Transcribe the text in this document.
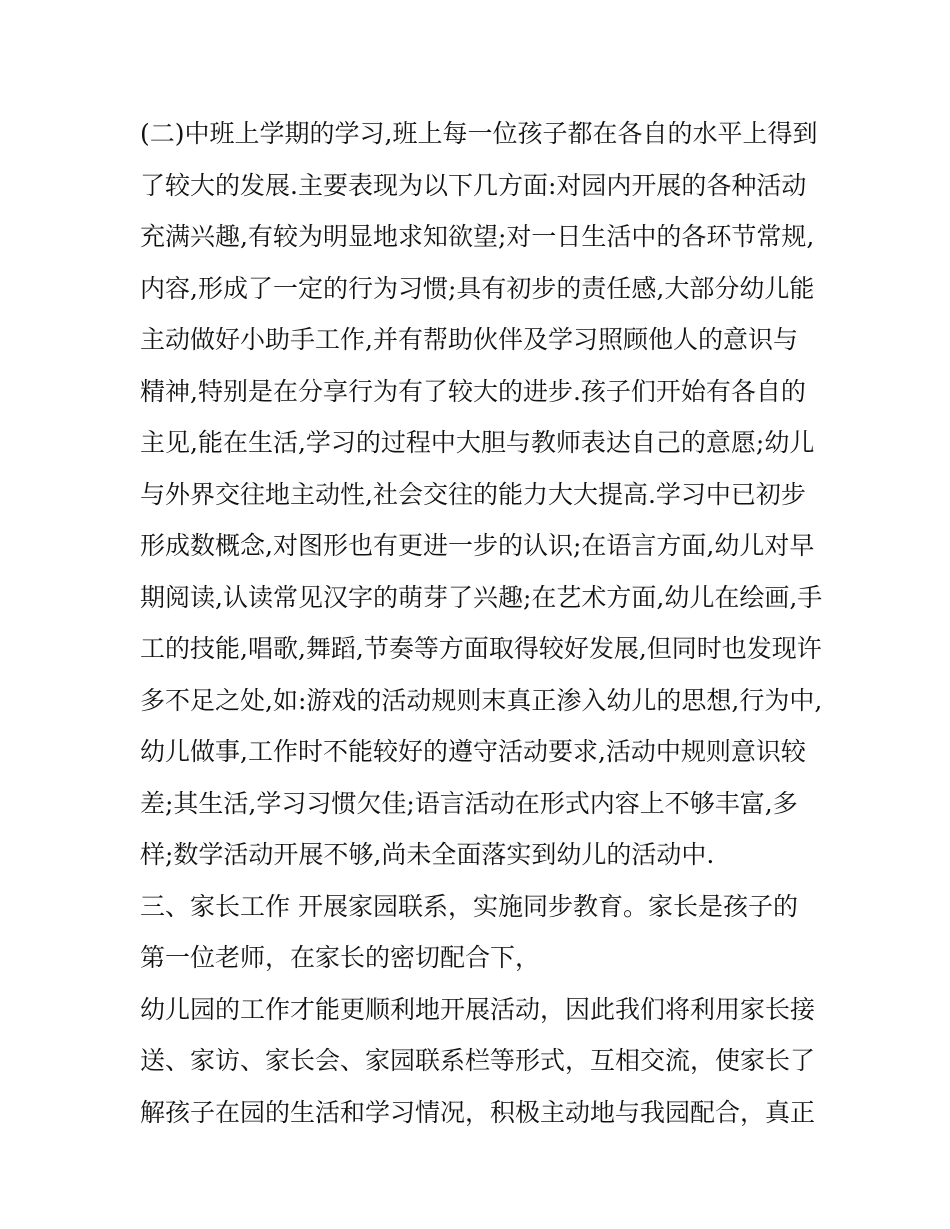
(二)中班上学期的学习,班上每一位孩子都在各自的水平上得到
了较大的发展.主要表现为以下几方面:对园内开展的各种活动
充满兴趣,有较为明显地求知欲望;对一日生活中的各环节常规,
内容,形成了一定的行为习惯;具有初步的责任感,大部分幼儿能
主动做好小助手工作,并有帮助伙伴及学习照顾他人的意识与
精神,特别是在分享行为有了较大的进步.孩子们开始有各自的
主见,能在生活,学习的过程中大胆与教师表达自己的意愿;幼儿
与外界交往地主动性,社会交往的能力大大提高.学习中已初步
形成数概念,对图形也有更进一步的认识;在语言方面,幼儿对早
期阅读,认读常见汉字的萌芽了兴趣;在艺术方面,幼儿在绘画,手
工的技能,唱歌,舞蹈,节奏等方面取得较好发展,但同时也发现许
多不足之处,如:游戏的活动规则末真正渗入幼儿的思想,行为中,
幼儿做事,工作时不能较好的遵守活动要求,活动中规则意识较
差;其生活,学习习惯欠佳;语言活动在形式内容上不够丰富,多
样;数学活动开展不够,尚未全面落实到幼儿的活动中.
三、家长工作 开展家园联系，实施同步教育。家长是孩子的
第一位老师，在家长的密切配合下，
幼儿园的工作才能更顺利地开展活动，因此我们将利用家长接
送、家访、家长会、家园联系栏等形式，互相交流，使家长了
解孩子在园的生活和学习情况，积极主动地与我园配合，真正
